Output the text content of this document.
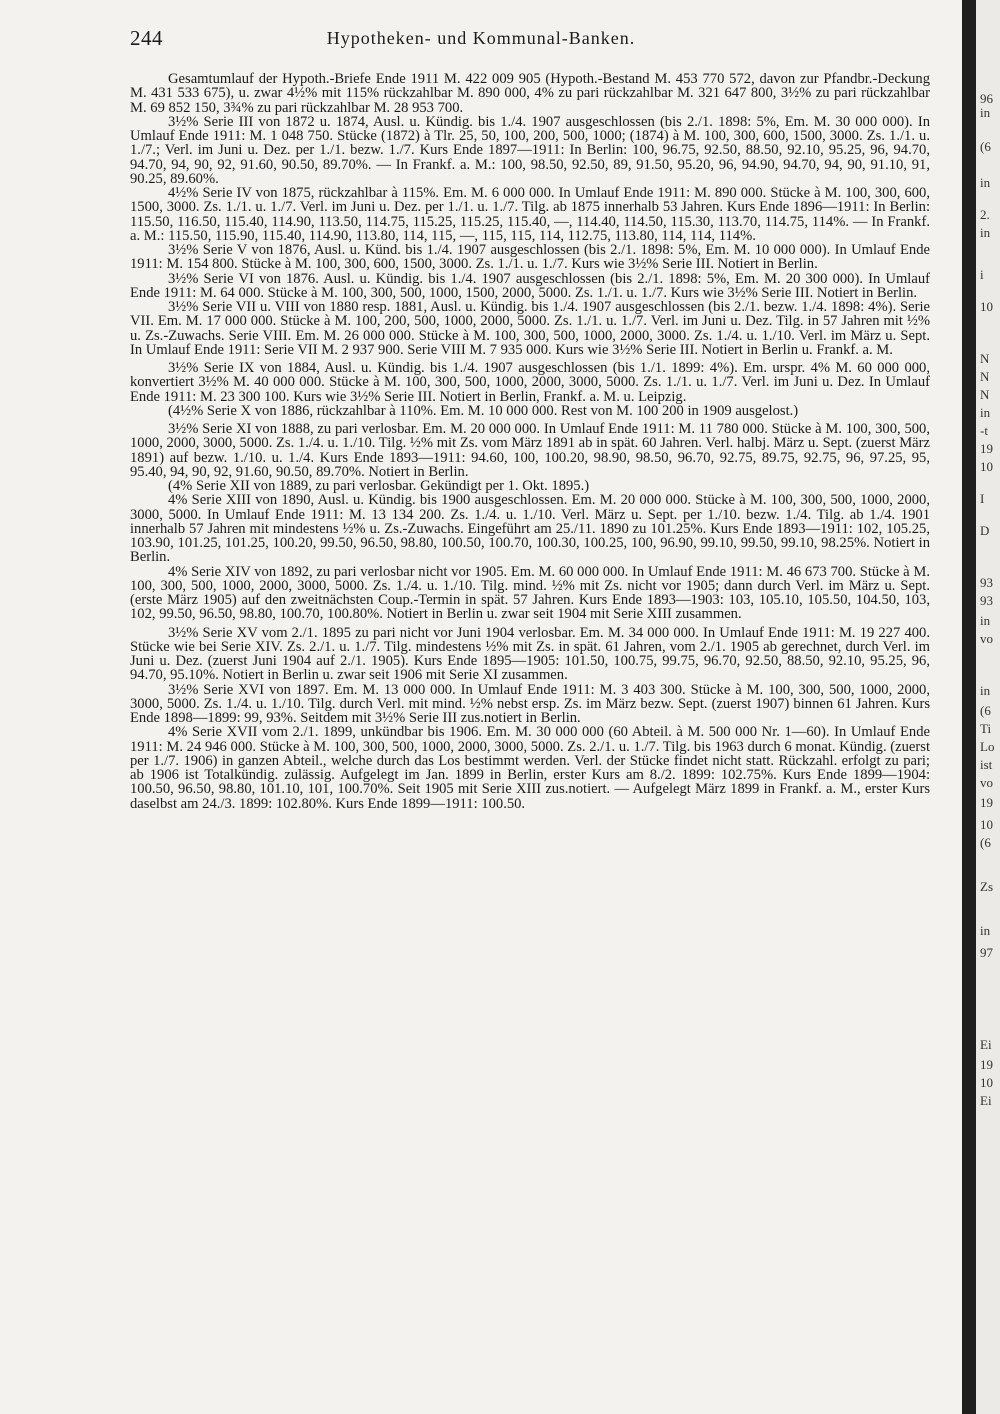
244	Hypotheken- und Kommunal-Banken.

Gesamtumlauf der Hypoth.-Briefe Ende 1911 M. 422 009 905 (Hypoth.-Bestand M. 453 770 572, davon zur Pfandbr.-Deckung M. 431 533 675), u. zwar 4½% mit 115% rückzahlbar M. 890 000, 4% zu pari rückzahlbar M. 321 647 800, 3½% zu pari rückzahlbar M. 69 852 150, 3¾% zu pari rückzahlbar M. 28 953 700.

3½% Serie III von 1872 u. 1874, Ausl. u. Kündig. bis 1./4. 1907 ausgeschlossen (bis 2./1. 1898: 5%, Em. M. 30 000 000). In Umlauf Ende 1911: M. 1 048 750. Stücke (1872) à Tlr. 25, 50, 100, 200, 500, 1000; (1874) à M. 100, 300, 600, 1500, 3000. Zs. 1./1. u. 1./7.; Verl. im Juni u. Dez. per 1./1. bezw. 1./7. Kurs Ende 1897—1911: In Berlin: 100, 96.75, 92.50, 88.50, 92.10, 95.25, 96, 94.70, 94.70, 94, 90, 92, 91.60, 90.50, 89.70%. — In Frankf. a. M.: 100, 98.50, 92.50, 89, 91.50, 95.20, 96, 94.90, 94.70, 94, 90, 91.10, 91, 90.25, 89.60%.

4½% Serie IV von 1875, rückzahlbar à 115%. Em. M. 6 000 000. In Umlauf Ende 1911: M. 890 000. Stücke à M. 100, 300, 600, 1500, 3000. Zs. 1./1. u. 1./7. Verl. im Juni u. Dez. per 1./1. u. 1./7. Tilg. ab 1875 innerhalb 53 Jahren. Kurs Ende 1896—1911: In Berlin: 115.50, 116.50, 115.40, 114.90, 113.50, 114.75, 115.25, 115.25, 115.40, —, 114.40, 114.50, 115.30, 113.70, 114.75, 114%. — In Frankf. a. M.: 115.50, 115.90, 115.40, 114.90, 113.80, 114, 115, —, 115, 115, 114, 112.75, 113.80, 114, 114, 114%.

3½% Serie V von 1876, Ausl. u. Künd. bis 1./4. 1907 ausgeschlossen (bis 2./1. 1898: 5%, Em. M. 10 000 000). In Umlauf Ende 1911: M. 154 800. Stücke à M. 100, 300, 600, 1500, 3000. Zs. 1./1. u. 1./7. Kurs wie 3½% Serie III. Notiert in Berlin.

3½% Serie VI von 1876. Ausl. u. Kündig. bis 1./4. 1907 ausgeschlossen (bis 2./1. 1898: 5%, Em. M. 20 300 000). In Umlauf Ende 1911: M. 64 000. Stücke à M. 100, 300, 500, 1000, 1500, 2000, 5000. Zs. 1./1. u. 1./7. Kurs wie 3½% Serie III. Notiert in Berlin.

3½% Serie VII u. VIII von 1880 resp. 1881, Ausl. u. Kündig. bis 1./4. 1907 ausgeschlossen (bis 2./1. bezw. 1./4. 1898: 4%). Serie VII. Em. M. 17 000 000. Stücke à M. 100, 200, 500, 1000, 2000, 5000. Zs. 1./1. u. 1./7. Verl. im Juni u. Dez. Tilg. in 57 Jahren mit ½% u. Zs.-Zuwachs. Serie VIII. Em. M. 26 000 000. Stücke à M. 100, 300, 500, 1000, 2000, 3000. Zs. 1./4. u. 1./10. Verl. im März u. Sept. In Umlauf Ende 1911: Serie VII M. 2 937 900. Serie VIII M. 7 935 000. Kurs wie 3½% Serie III. Notiert in Berlin u. Frankf. a. M.

3½% Serie IX von 1884, Ausl. u. Kündig. bis 1./4. 1907 ausgeschlossen (bis 1./1. 1899: 4%). Em. urspr. 4% M. 60 000 000, konvertiert 3½% M. 40 000 000. Stücke à M. 100, 300, 500, 1000, 2000, 3000, 5000. Zs. 1./1. u. 1./7. Verl. im Juni u. Dez. In Umlauf Ende 1911: M. 23 300 100. Kurs wie 3½% Serie III. Notiert in Berlin, Frankf. a. M. u. Leipzig.

(4½% Serie X von 1886, rückzahlbar à 110%. Em. M. 10 000 000. Rest von M. 100 200 in 1909 ausgelost.)

3½% Serie XI von 1888, zu pari verlosbar. Em. M. 20 000 000. In Umlauf Ende 1911: M. 11 780 000. Stücke à M. 100, 300, 500, 1000, 2000, 3000, 5000. Zs. 1./4. u. 1./10. Tilg. ½% mit Zs. vom März 1891 ab in spät. 60 Jahren. Verl. halbj. März u. Sept. (zuerst März 1891) auf bezw. 1./10. u. 1./4. Kurs Ende 1893—1911: 94.60, 100, 100.20, 98.90, 98.50, 96.70, 92.75, 89.75, 92.75, 96, 97.25, 95, 95.40, 94, 90, 92, 91.60, 90.50, 89.70%. Notiert in Berlin.

(4% Serie XII von 1889, zu pari verlosbar. Gekündigt per 1. Okt. 1895.)

4% Serie XIII von 1890, Ausl. u. Kündig. bis 1900 ausgeschlossen. Em. M. 20 000 000. Stücke à M. 100, 300, 500, 1000, 2000, 3000, 5000. In Umlauf Ende 1911: M. 13 134 200. Zs. 1./4. u. 1./10. Verl. März u. Sept. per 1./10. bezw. 1./4. Tilg. ab 1./4. 1901 innerhalb 57 Jahren mit mindestens ½% u. Zs.-Zuwachs. Eingeführt am 25./11. 1890 zu 101.25%. Kurs Ende 1893—1911: 102, 105.25, 103.90, 101.25, 101.25, 100.20, 99.50, 96.50, 98.80, 100.50, 100.70, 100.30, 100.25, 100, 96.90, 99.10, 99.50, 99.10, 98.25%. Notiert in Berlin.

4% Serie XIV von 1892, zu pari verlosbar nicht vor 1905. Em. M. 60 000 000. In Umlauf Ende 1911: M. 46 673 700. Stücke à M. 100, 300, 500, 1000, 2000, 3000, 5000. Zs. 1./4. u. 1./10. Tilg. mind. ½% mit Zs. nicht vor 1905; dann durch Verl. im März u. Sept. (erste März 1905) auf den zweitnächsten Coup.-Termin in spät. 57 Jahren. Kurs Ende 1893—1903: 103, 105.10, 105.50, 104.50, 103, 102, 99.50, 96.50, 98.80, 100.70, 100.80%. Notiert in Berlin u. zwar seit 1904 mit Serie XIII zusammen.

3½% Serie XV vom 2./1. 1895 zu pari nicht vor Juni 1904 verlosbar. Em. M. 34 000 000. In Umlauf Ende 1911: M. 19 227 400. Stücke wie bei Serie XIV. Zs. 2./1. u. 1./7. Tilg. mindestens ½% mit Zs. in spät. 61 Jahren, vom 2./1. 1905 ab gerechnet, durch Verl. im Juni u. Dez. (zuerst Juni 1904 auf 2./1. 1905). Kurs Ende 1895—1905: 101.50, 100.75, 99.75, 96.70, 92.50, 88.50, 92.10, 95.25, 96, 94.70, 95.10%. Notiert in Berlin u. zwar seit 1906 mit Serie XI zusammen.

3½% Serie XVI von 1897. Em. M. 13 000 000. In Umlauf Ende 1911: M. 3 403 300. Stücke à M. 100, 300, 500, 1000, 2000, 3000, 5000. Zs. 1./4. u. 1./10. Tilg. durch Verl. mit mind. ½% nebst ersp. Zs. im März bezw. Sept. (zuerst 1907) binnen 61 Jahren. Kurs Ende 1898—1899: 99, 93%. Seitdem mit 3½% Serie III zus.notiert in Berlin.

4% Serie XVII vom 2./1. 1899, unkündbar bis 1906. Em. M. 30 000 000 (60 Abteil. à M. 500 000 Nr. 1—60). In Umlauf Ende 1911: M. 24 946 000. Stücke à M. 100, 300, 500, 1000, 2000, 3000, 5000. Zs. 2./1. u. 1./7. Tilg. bis 1963 durch 6 monat. Kündig. (zuerst per 1./7. 1906) in ganzen Abteil., welche durch das Los bestimmt werden. Verl. der Stücke findet nicht statt. Rückzahl. erfolgt zu pari; ab 1906 ist Totalkündig. zulässig. Aufgelegt im Jan. 1899 in Berlin, erster Kurs am 8./2. 1899: 102.75%. Kurs Ende 1899—1904: 100.50, 96.50, 98.80, 101.10, 101, 100.70%. Seit 1905 mit Serie XIII zus.notiert. — Aufgelegt März 1899 in Frankf. a. M., erster Kurs daselbst am 24./3. 1899: 102.80%. Kurs Ende 1899—1911: 100.50.

96
in
(6
in
2.
in
i
10
N
N
N
in
-t
19
10
I
D
93
93
in
vo
in
(6
Ti
Lo
ist
vo
19
10
(6
Zs
in
97
Ei
19
10
Ei
